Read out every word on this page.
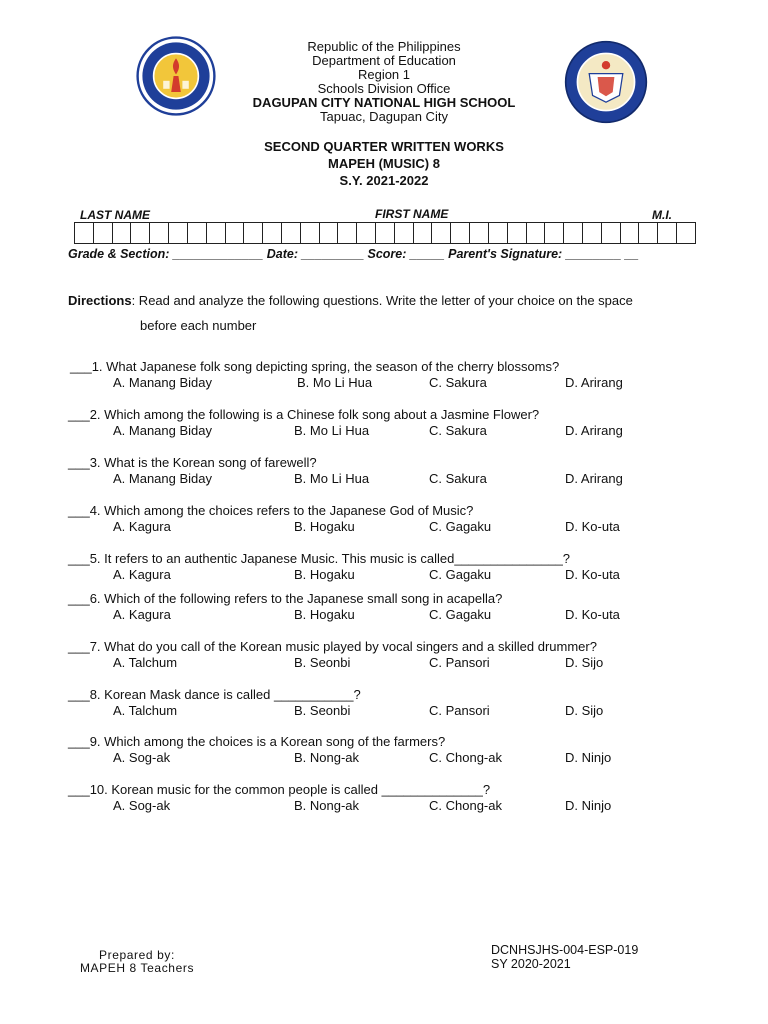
Republic of the Philippines
Department of Education
Region 1
Schools Division Office
DAGUPAN CITY NATIONAL HIGH SCHOOL
Tapuac, Dagupan City
SECOND QUARTER WRITTEN WORKS
MAPEH (MUSIC) 8
S.Y. 2021-2022
LAST NAME	FIRST NAME	M.I.
Grade & Section: _____________ Date: _________ Score: _____ Parent's Signature: ________ __
Directions: Read and analyze the following questions. Write the letter of your choice on the space
before each number
___1. What Japanese folk song depicting spring, the season of the cherry blossoms?
A. Manang Biday	B. Mo Li Hua	C. Sakura	D. Arirang
___2. Which among the following is a Chinese folk song about a Jasmine Flower?
A. Manang Biday	B. Mo Li Hua	C. Sakura	D. Arirang
___3. What is the Korean song of farewell?
A. Manang Biday	B. Mo Li Hua	C. Sakura	D. Arirang
___4. Which among the choices refers to the Japanese God of Music?
A. Kagura	B. Hogaku	C. Gagaku	D. Ko-uta
___5. It refers to an authentic Japanese Music. This music is called_______________?
A. Kagura	B. Hogaku	C. Gagaku	D. Ko-uta
___6. Which of the following refers to the Japanese small song in acapella?
A. Kagura	B. Hogaku	C. Gagaku	D. Ko-uta
___7. What do you call of the Korean music played by vocal singers and a skilled drummer?
A. Talchum	B. Seonbi	C. Pansori	D. Sijo
___8. Korean Mask dance is called ___________?
A. Talchum	B. Seonbi	C. Pansori	D. Sijo
___9. Which among the choices is a Korean song of the farmers?
A. Sog-ak	B. Nong-ak	C. Chong-ak	D. Ninjo
___10. Korean music for the common people is called ______________?
A. Sog-ak	B. Nong-ak	C. Chong-ak	D. Ninjo
Prepared by:
MAPEH 8 Teachers
DCNHSJHS-004-ESP-019
SY 2020-2021
